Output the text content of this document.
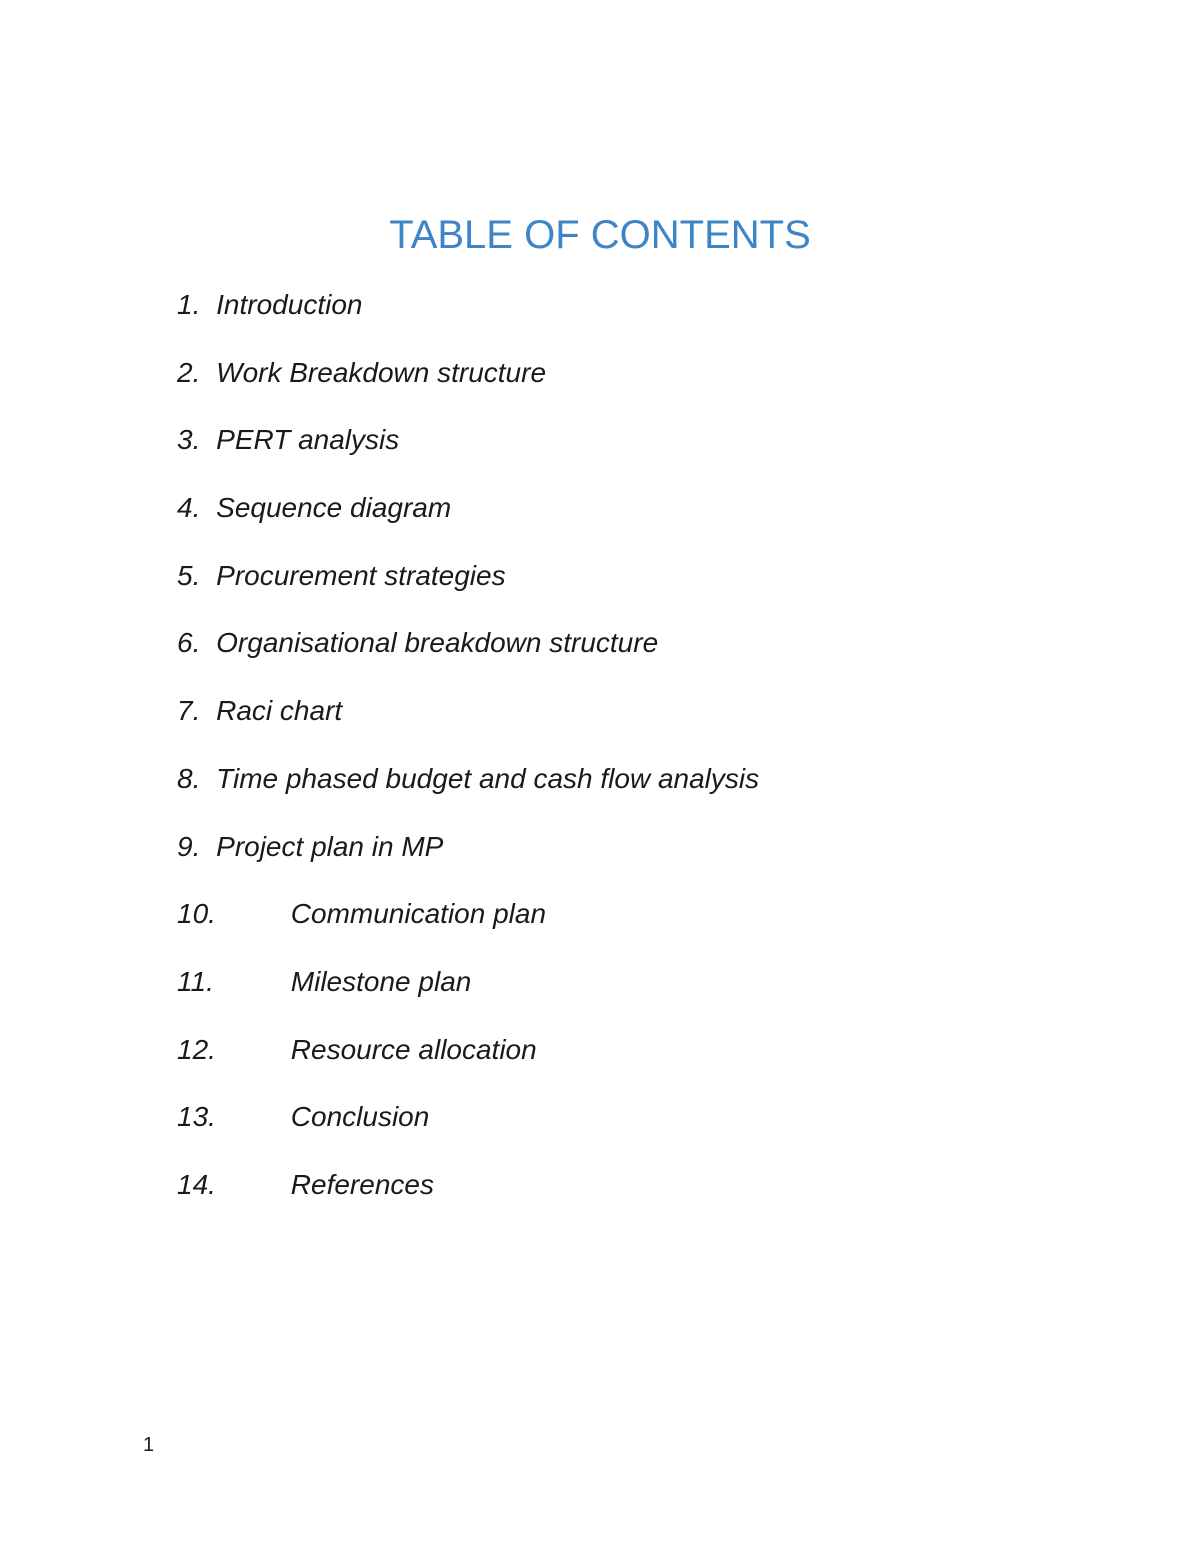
TABLE OF CONTENTS
1. Introduction
2. Work Breakdown structure
3. PERT analysis
4. Sequence diagram
5. Procurement strategies
6. Organisational breakdown structure
7. Raci chart
8. Time phased budget and cash flow analysis
9. Project plan in MP
10.	Communication plan
11.	Milestone plan
12.	Resource allocation
13.	Conclusion
14.	References
1
